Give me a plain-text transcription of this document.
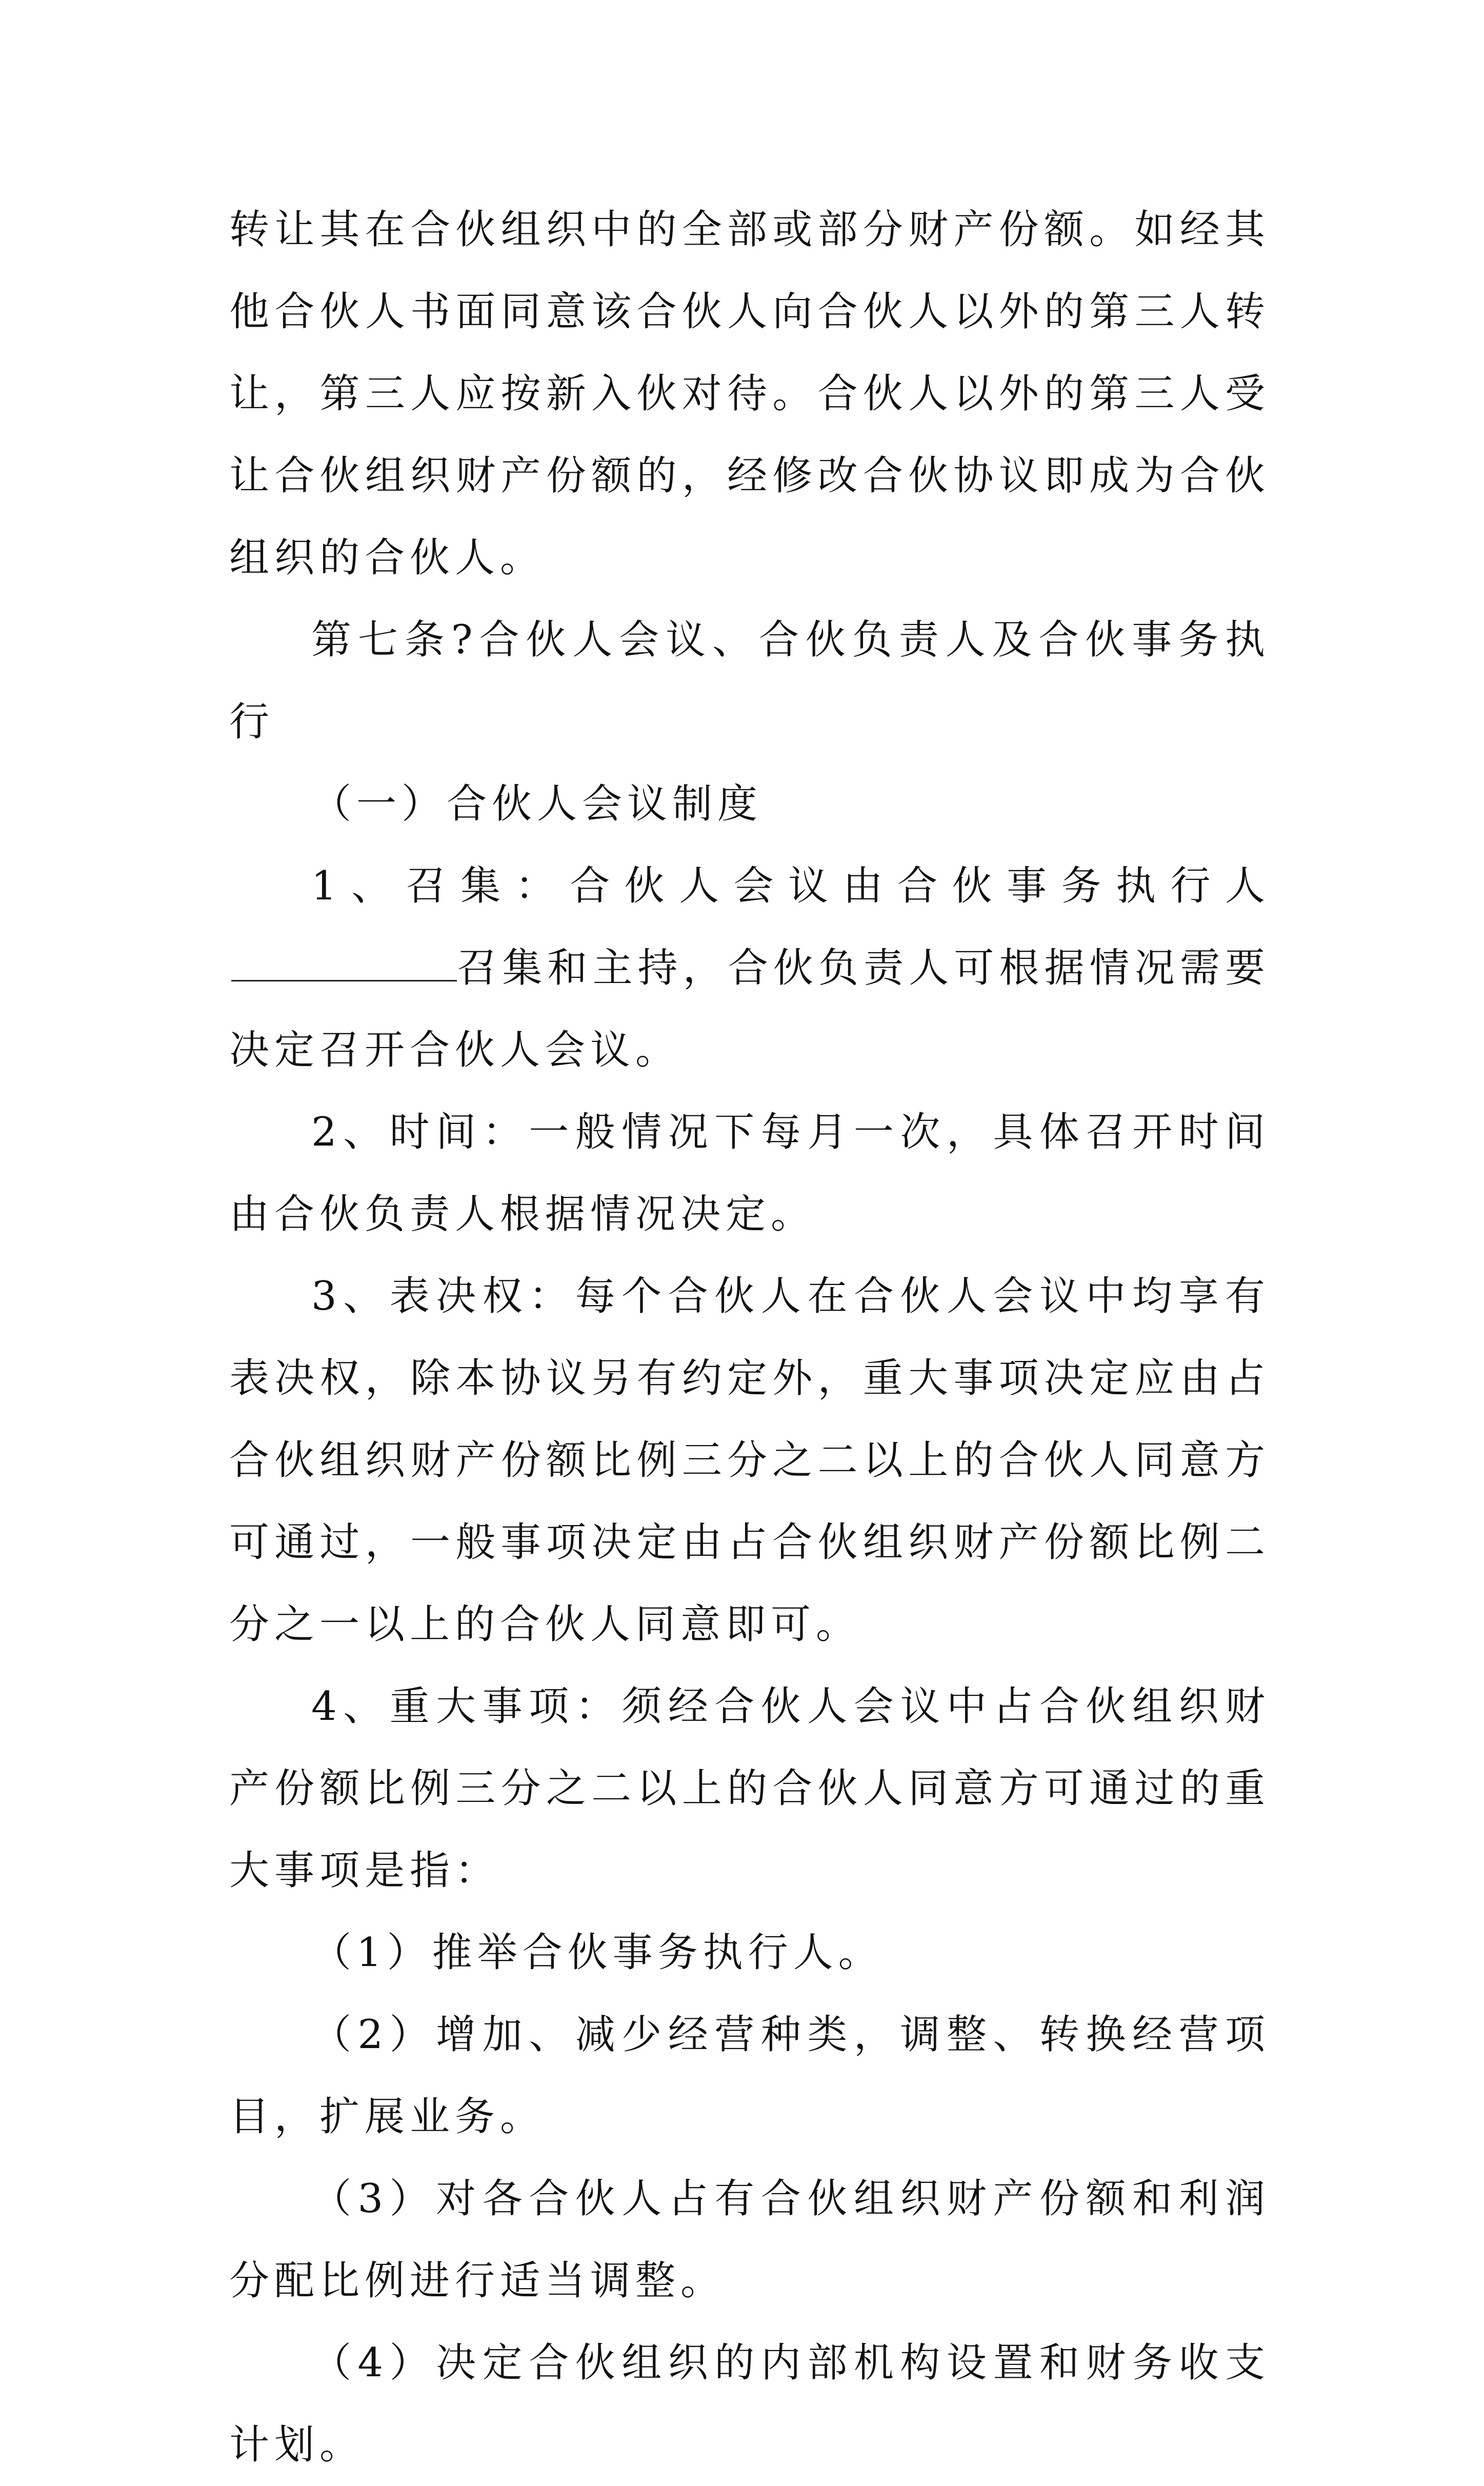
转让其在合伙组织中的全部或部分财产份额。如经其他合伙人书面同意该合伙人向合伙人以外的第三人转让，第三人应按新入伙对待。合伙人以外的第三人受让合伙组织财产份额的，经修改合伙协议即成为合伙组织的合伙人。

第七条?合伙人会议、合伙负责人及合伙事务执行

（一）合伙人会议制度

1、召集：合伙人会议由合伙事务执行人召集和主持，合伙负责人可根据情况需要决定召开合伙人会议。

2、时间：一般情况下每月一次，具体召开时间由合伙负责人根据情况决定。

3、表决权：每个合伙人在合伙人会议中均享有表决权，除本协议另有约定外，重大事项决定应由占合伙组织财产份额比例三分之二以上的合伙人同意方可通过，一般事项决定由占合伙组织财产份额比例二分之一以上的合伙人同意即可。

4、重大事项：须经合伙人会议中占合伙组织财产份额比例三分之二以上的合伙人同意方可通过的重大事项是指：

（1）推举合伙事务执行人。

（2）增加、减少经营种类，调整、转换经营项目，扩展业务。

（3）对各合伙人占有合伙组织财产份额和利润分配比例进行适当调整。

（4）决定合伙组织的内部机构设置和财务收支计划。
